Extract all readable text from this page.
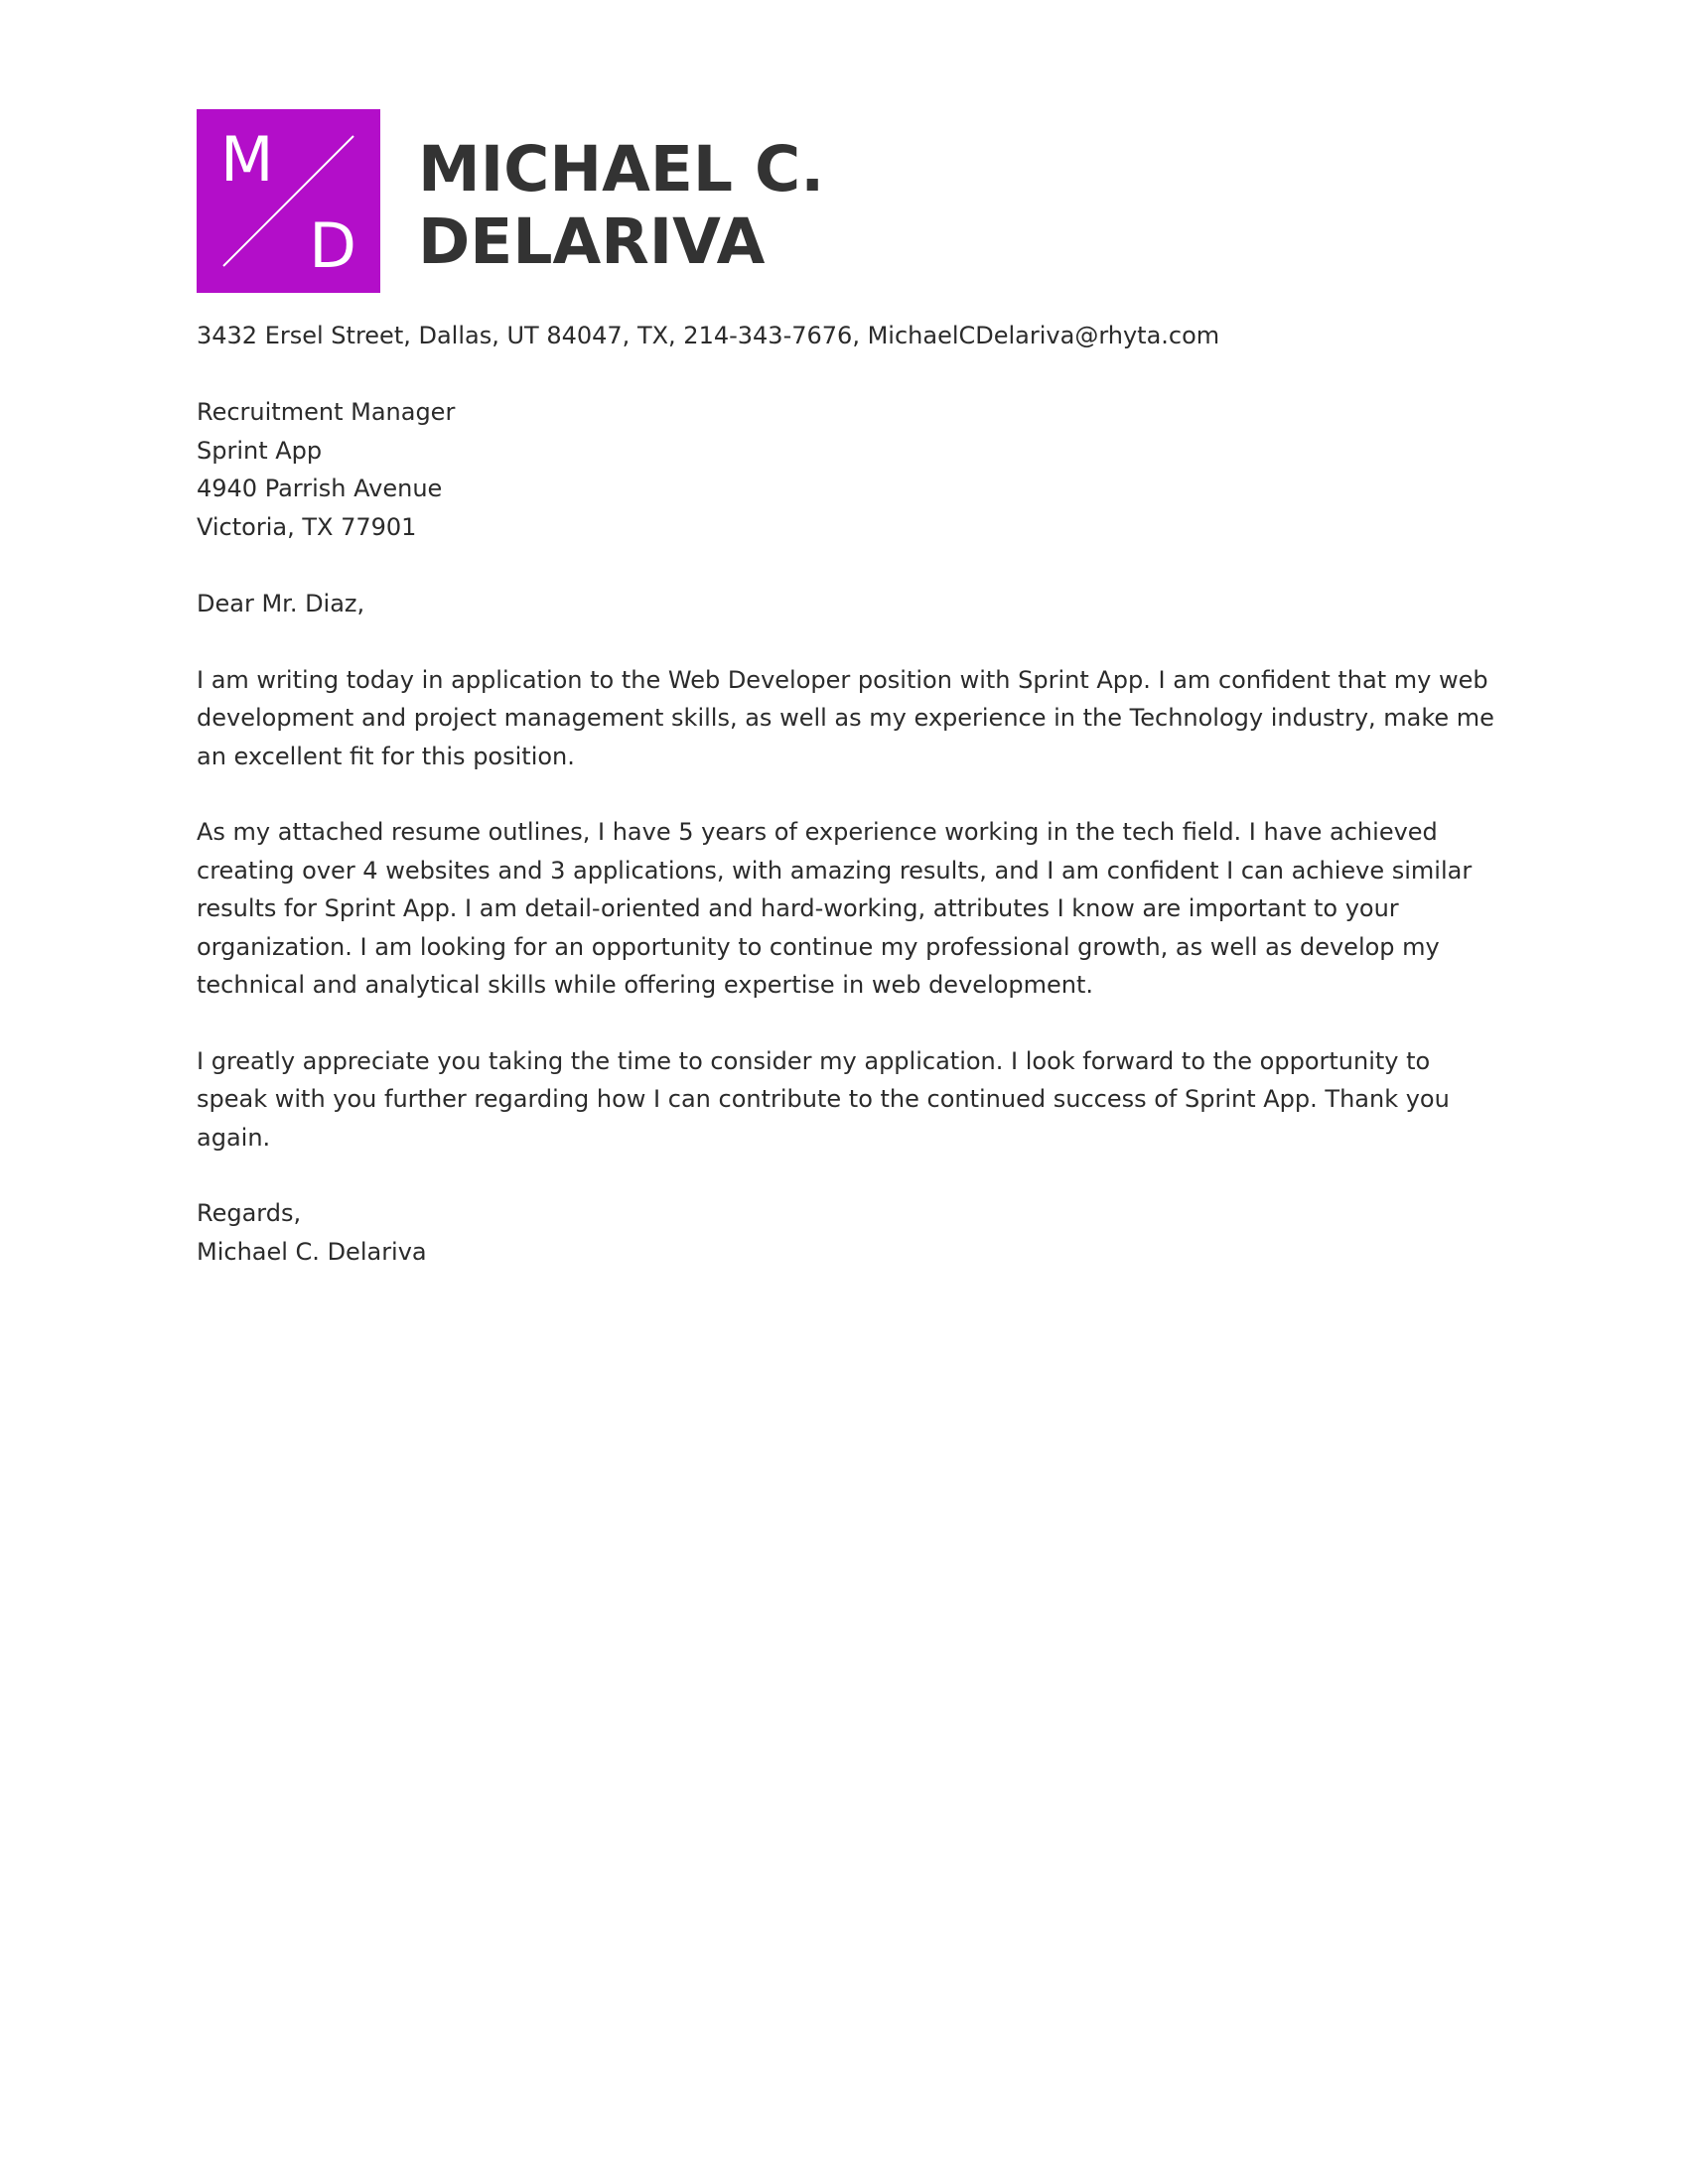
M
D
MICHAEL C.
DELARIVA
3432 Ersel Street, Dallas, UT 84047, TX, 214-343-7676, MichaelCDelariva@rhyta.com
Recruitment Manager
Sprint App
4940 Parrish Avenue
Victoria, TX 77901
Dear Mr. Diaz,
I am writing today in application to the Web Developer position with Sprint App. I am confident that my web development and project management skills, as well as my experience in the Technology industry, make me an excellent fit for this position.
As my attached resume outlines, I have 5 years of experience working in the tech field. I have achieved creating over 4 websites and 3 applications, with amazing results, and I am confident I can achieve similar results for Sprint App. I am detail-oriented and hard-working, attributes I know are important to your organization. I am looking for an opportunity to continue my professional growth, as well as develop my technical and analytical skills while offering expertise in web development.
I greatly appreciate you taking the time to consider my application. I look forward to the opportunity to speak with you further regarding how I can contribute to the continued success of Sprint App. Thank you again.
Regards,
Michael C. Delariva
